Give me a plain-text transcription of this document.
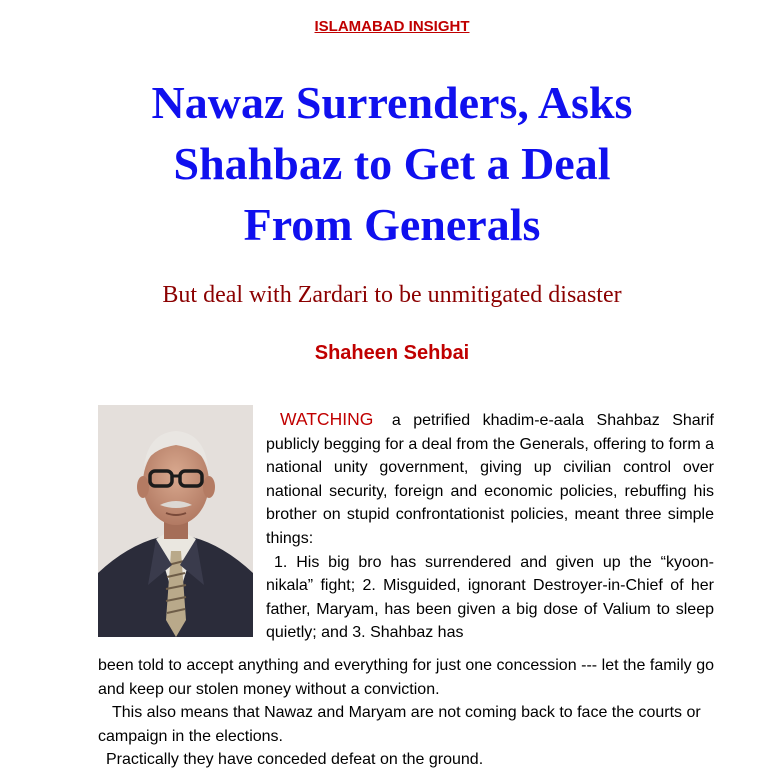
ISLAMABAD INSIGHT
Nawaz Surrenders, Asks
Shahbaz to Get a Deal
From Generals
But deal with Zardari to be unmitigated disaster
Shaheen Sehbai

WATCHING a petrified khadim-e-aala Shahbaz Sharif publicly begging for a deal from the Generals, offering to form a national unity government, giving up civilian control over national security, foreign and economic policies, rebuffing his brother on stupid confrontationist policies, meant three simple things:

1. His big bro has surrendered and given up the “kyoon-nikala” fight; 2. Misguided, ignorant Destroyer-in-Chief of her father, Maryam, has been given a big dose of Valium to sleep quietly; and 3. Shahbaz has

been told to accept anything and everything for just one concession --- let the family go and keep our stolen money without a conviction.

This also means that Nawaz and Maryam are not coming back to face the courts or campaign in the elections.

Practically they have conceded defeat on the ground.
